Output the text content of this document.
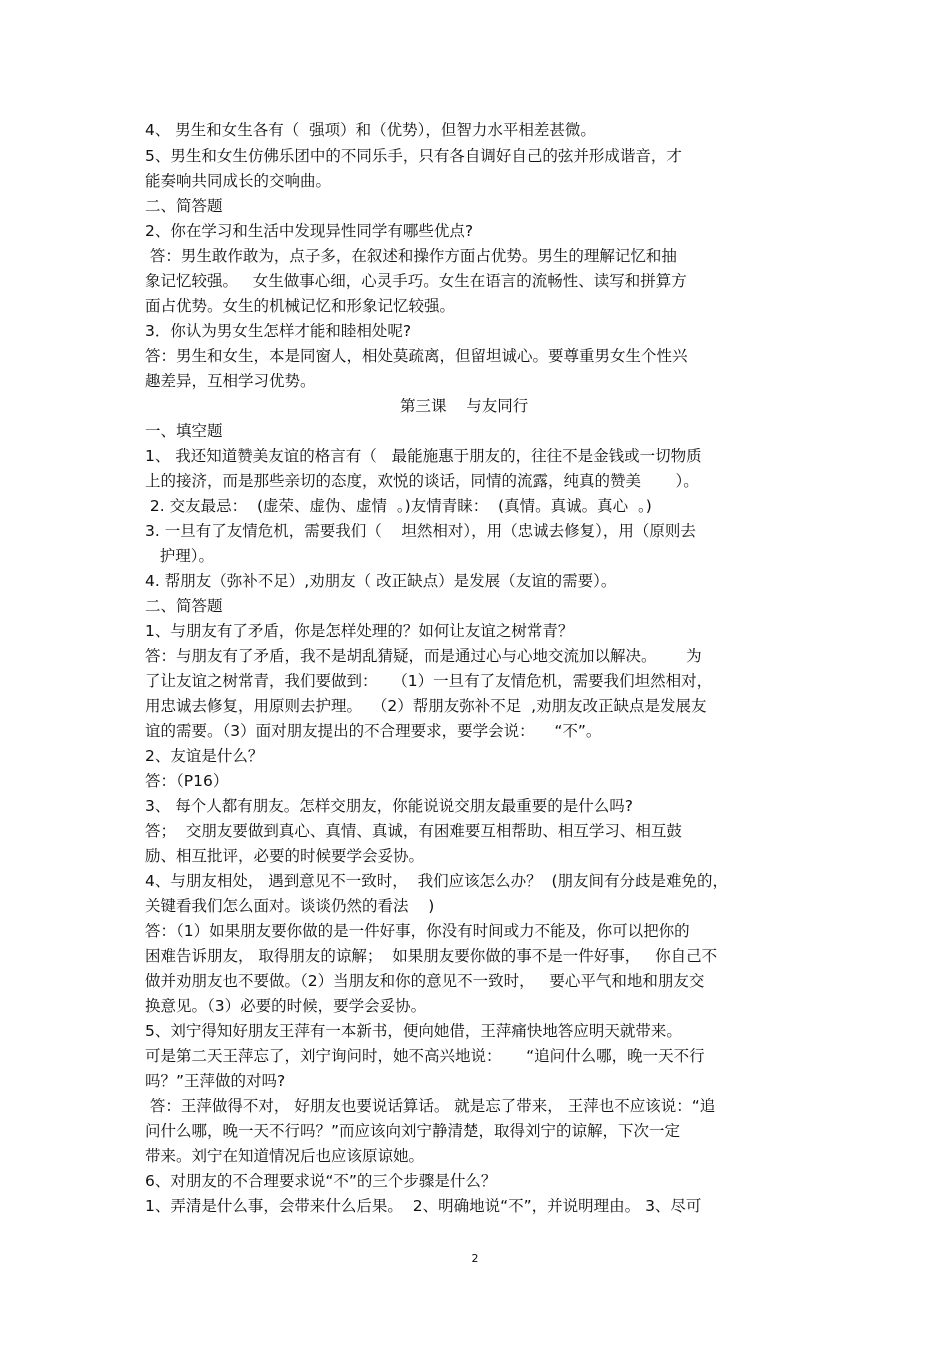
4、 男生和女生各有（  强项）和（优势），但智力水平相差甚微。
5、男生和女生仿佛乐团中的不同乐手，只有各自调好自己的弦并形成谐音，才
能奏响共同成长的交响曲。
二、简答题
2、你在学习和生活中发现异性同学有哪些优点?
答：男生敢作敢为，点子多，在叙述和操作方面占优势。男生的理解记忆和抽
象记忆较强。   女生做事心细，心灵手巧。女生在语言的流畅性、读写和拼算方
面占优势。女生的机械记忆和形象记忆较强。
3．你认为男女生怎样才能和睦相处呢?
答：男生和女生，本是同窗人，相处莫疏离，但留坦诚心。要尊重男女生个性兴
趣差异，互相学习优势。
第三课    与友同行
一、填空题
1、 我还知道赞美友谊的格言有（   最能施惠于朋友的，往往不是金钱或一切物质
上的接济，而是那些亲切的态度，欢悦的谈话，同情的流露，纯真的赞美       ）。
2. 交友最忌：  (虚荣、虚伪、虚情  。)友情青睐：  (真情。真诚。真心  。)
3. 一旦有了友情危机，需要我们（    坦然相对），用（忠诚去修复），用（原则去
护理）。
4. 帮朋友（弥补不足）,劝朋友（ 改正缺点）是发展（友谊的需要）。
二、简答题
1、与朋友有了矛盾，你是怎样处理的？如何让友谊之树常青？
答：与朋友有了矛盾，我不是胡乱猜疑，而是通过心与心地交流加以解决。      为
了让友谊之树常青，我们要做到：   （1）一旦有了友情危机，需要我们坦然相对，
用忠诚去修复，用原则去护理。  （2）帮朋友弥补不足  ,劝朋友改正缺点是发展友
谊的需要。（3）面对朋友提出的不合理要求，要学会说：    “不”。
2、友谊是什么？
答：（P16）
3、 每个人都有朋友。怎样交朋友，你能说说交朋友最重要的是什么吗?
答；  交朋友要做到真心、真情、真诚，有困难要互相帮助、相互学习、相互鼓
励、相互批评，必要的时候要学会妥协。
4、与朋友相处， 遇到意见不一致时，  我们应该怎么办？  (朋友间有分歧是难免的，
关键看我们怎么面对。谈谈仍然的看法    )
答：（1）如果朋友要你做的是一件好事，你没有时间或力不能及，你可以把你的
困难告诉朋友， 取得朋友的谅解；  如果朋友要你做的事不是一件好事，   你自己不
做并劝朋友也不要做。（2）当朋友和你的意见不一致时，   要心平气和地和朋友交
换意见。（3）必要的时候，要学会妥协。
5、刘宁得知好朋友王萍有一本新书，便向她借，王萍痛快地答应明天就带来。
可是第二天王萍忘了，刘宁询问时，她不高兴地说：     “追问什么哪，晚一天不行
吗？”王萍做的对吗?
答：王萍做得不对， 好朋友也要说话算话。 就是忘了带来， 王萍也不应该说：“追
问什么哪，晚一天不行吗？”而应该向刘宁静清楚，取得刘宁的谅解，下次一定
带来。刘宁在知道情况后也应该原谅她。
6、对朋友的不合理要求说“不”的三个步骤是什么？
1、弄清是什么事，会带来什么后果。  2、明确地说“不”，并说明理由。 3、尽可
2
